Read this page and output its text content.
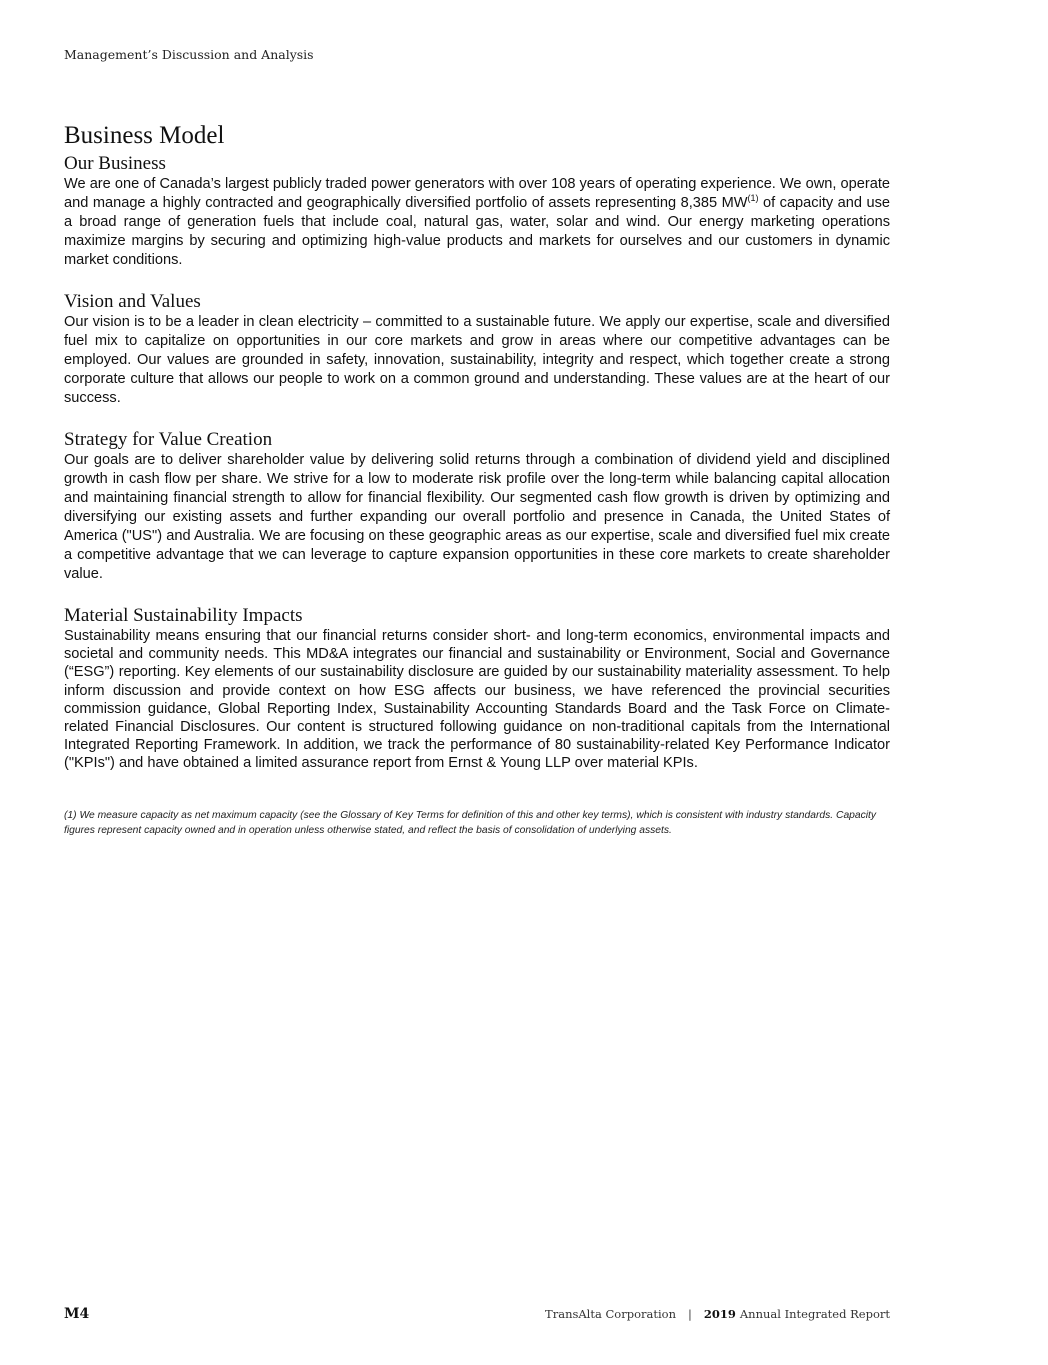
Management’s Discussion and Analysis
Business Model
Our Business

We are one of Canada’s largest publicly traded power generators with over 108 years of operating experience. We own, operate and manage a highly contracted and geographically diversified portfolio of assets representing 8,385 MW$^{(1)}$ of capacity and use a broad range of generation fuels that include coal, natural gas, water, solar and wind. Our energy marketing operations maximize margins by securing and optimizing high-value products and markets for ourselves and our customers in dynamic market conditions.

Vision and Values

Our vision is to be a leader in clean electricity – committed to a sustainable future. We apply our expertise, scale and diversified fuel mix to capitalize on opportunities in our core markets and grow in areas where our competitive advantages can be employed. Our values are grounded in safety, innovation, sustainability, integrity and respect, which together create a strong corporate culture that allows our people to work on a common ground and understanding. These values are at the heart of our success.

Strategy for Value Creation

Our goals are to deliver shareholder value by delivering solid returns through a combination of dividend yield and disciplined growth in cash flow per share. We strive for a low to moderate risk profile over the long-term while balancing capital allocation and maintaining financial strength to allow for financial flexibility. Our segmented cash flow growth is driven by optimizing and diversifying our existing assets and further expanding our overall portfolio and presence in Canada, the United States of America ("US") and Australia. We are focusing on these geographic areas as our expertise, scale and diversified fuel mix create a competitive advantage that we can leverage to capture expansion opportunities in these core markets to create shareholder value.

Material Sustainability Impacts

Sustainability means ensuring that our financial returns consider short- and long-term economics, environmental impacts and societal and community needs. This MD&A integrates our financial and sustainability or Environment, Social and Governance (“ESG”) reporting. Key elements of our sustainability disclosure are guided by our sustainability materiality assessment. To help inform discussion and provide context on how ESG affects our business, we have referenced the provincial securities commission guidance, Global Reporting Index, Sustainability Accounting Standards Board and the Task Force on Climate-related Financial Disclosures. Our content is structured following guidance on non-traditional capitals from the International Integrated Reporting Framework. In addition, we track the performance of 80 sustainability-related Key Performance Indicator ("KPIs") and have obtained a limited assurance report from Ernst & Young LLP over material KPIs.

(1) We measure capacity as net maximum capacity (see the Glossary of Key Terms for definition of this and other key terms), which is consistent with industry standards. Capacity figures represent capacity owned and in operation unless otherwise stated, and reflect the basis of consolidation of underlying assets.

M4	TransAlta Corporation | 2019 Annual Integrated Report
